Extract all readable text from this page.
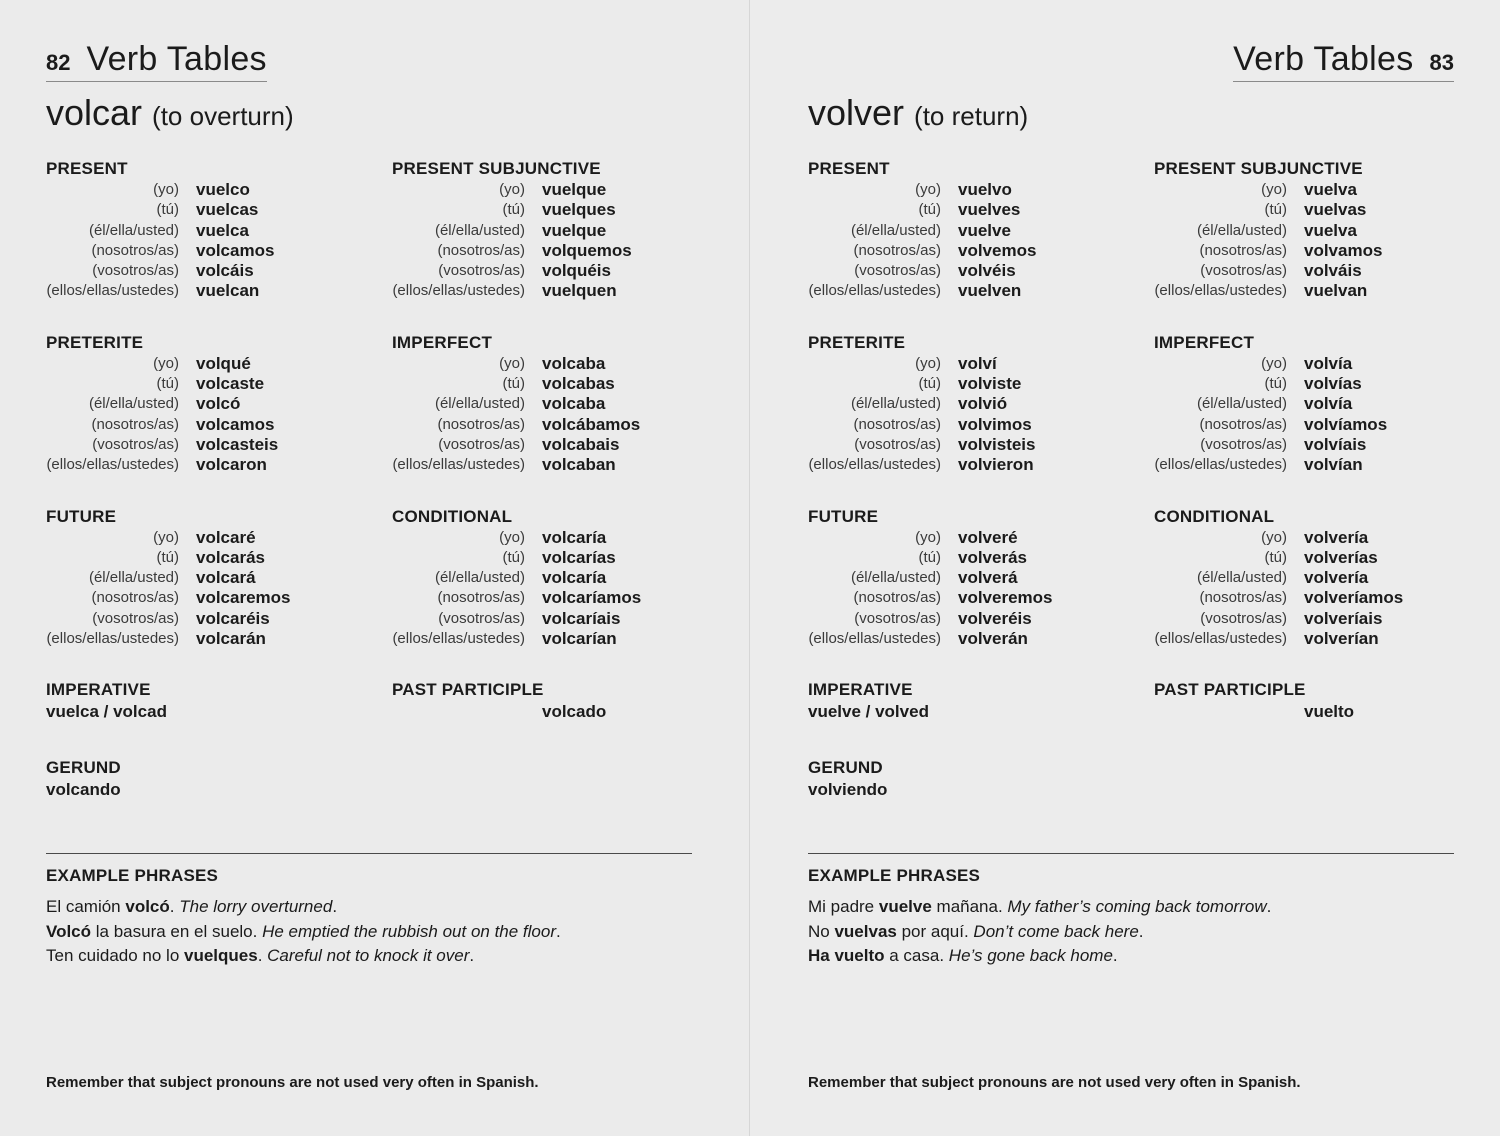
82 Verb Tables
volcar (to overturn)
PRESENT
(yo) vuelco
(tú) vuelcas
(él/ella/usted) vuelca
(nosotros/as) volcamos
(vosotros/as) volcáis
(ellos/ellas/ustedes) vuelcan
PRESENT SUBJUNCTIVE
(yo) vuelque
(tú) vuelques
(él/ella/usted) vuelque
(nosotros/as) volquemos
(vosotros/as) volquéis
(ellos/ellas/ustedes) vuelquen
PRETERITE
(yo) volqué
(tú) volcaste
(él/ella/usted) volcó
(nosotros/as) volcamos
(vosotros/as) volcasteis
(ellos/ellas/ustedes) volcaron
IMPERFECT
(yo) volcaba
(tú) volcabas
(él/ella/usted) volcaba
(nosotros/as) volcábamos
(vosotros/as) volcabais
(ellos/ellas/ustedes) volcaban
FUTURE
(yo) volcaré
(tú) volcarás
(él/ella/usted) volcará
(nosotros/as) volcaremos
(vosotros/as) volcaréis
(ellos/ellas/ustedes) volcarán
CONDITIONAL
(yo) volcaría
(tú) volcarías
(él/ella/usted) volcaría
(nosotros/as) volcaríamos
(vosotros/as) volcaríais
(ellos/ellas/ustedes) volcarían
IMPERATIVE
vuelca / volcad
PAST PARTICIPLE
volcado
GERUND
volcando
EXAMPLE PHRASES
El camión volcó. The lorry overturned.
Volcó la basura en el suelo. He emptied the rubbish out on the floor.
Ten cuidado no lo vuelques. Careful not to knock it over.
Remember that subject pronouns are not used very often in Spanish.
Verb Tables 83
volver (to return)
PRESENT
(yo) vuelvo
(tú) vuelves
(él/ella/usted) vuelve
(nosotros/as) volvemos
(vosotros/as) volvéis
(ellos/ellas/ustedes) vuelven
PRESENT SUBJUNCTIVE
(yo) vuelva
(tú) vuelvas
(él/ella/usted) vuelva
(nosotros/as) volvamos
(vosotros/as) volváis
(ellos/ellas/ustedes) vuelvan
PRETERITE
(yo) volví
(tú) volviste
(él/ella/usted) volvió
(nosotros/as) volvimos
(vosotros/as) volvisteis
(ellos/ellas/ustedes) volvieron
IMPERFECT
(yo) volvía
(tú) volvías
(él/ella/usted) volvía
(nosotros/as) volvíamos
(vosotros/as) volvíais
(ellos/ellas/ustedes) volvían
FUTURE
(yo) volveré
(tú) volverás
(él/ella/usted) volverá
(nosotros/as) volveremos
(vosotros/as) volveréis
(ellos/ellas/ustedes) volverán
CONDITIONAL
(yo) volvería
(tú) volverías
(él/ella/usted) volvería
(nosotros/as) volveríamos
(vosotros/as) volveríais
(ellos/ellas/ustedes) volverían
IMPERATIVE
vuelve / volved
PAST PARTICIPLE
vuelto
GERUND
volviendo
EXAMPLE PHRASES
Mi padre vuelve mañana. My father’s coming back tomorrow.
No vuelvas por aquí. Don’t come back here.
Ha vuelto a casa. He’s gone back home.
Remember that subject pronouns are not used very often in Spanish.
